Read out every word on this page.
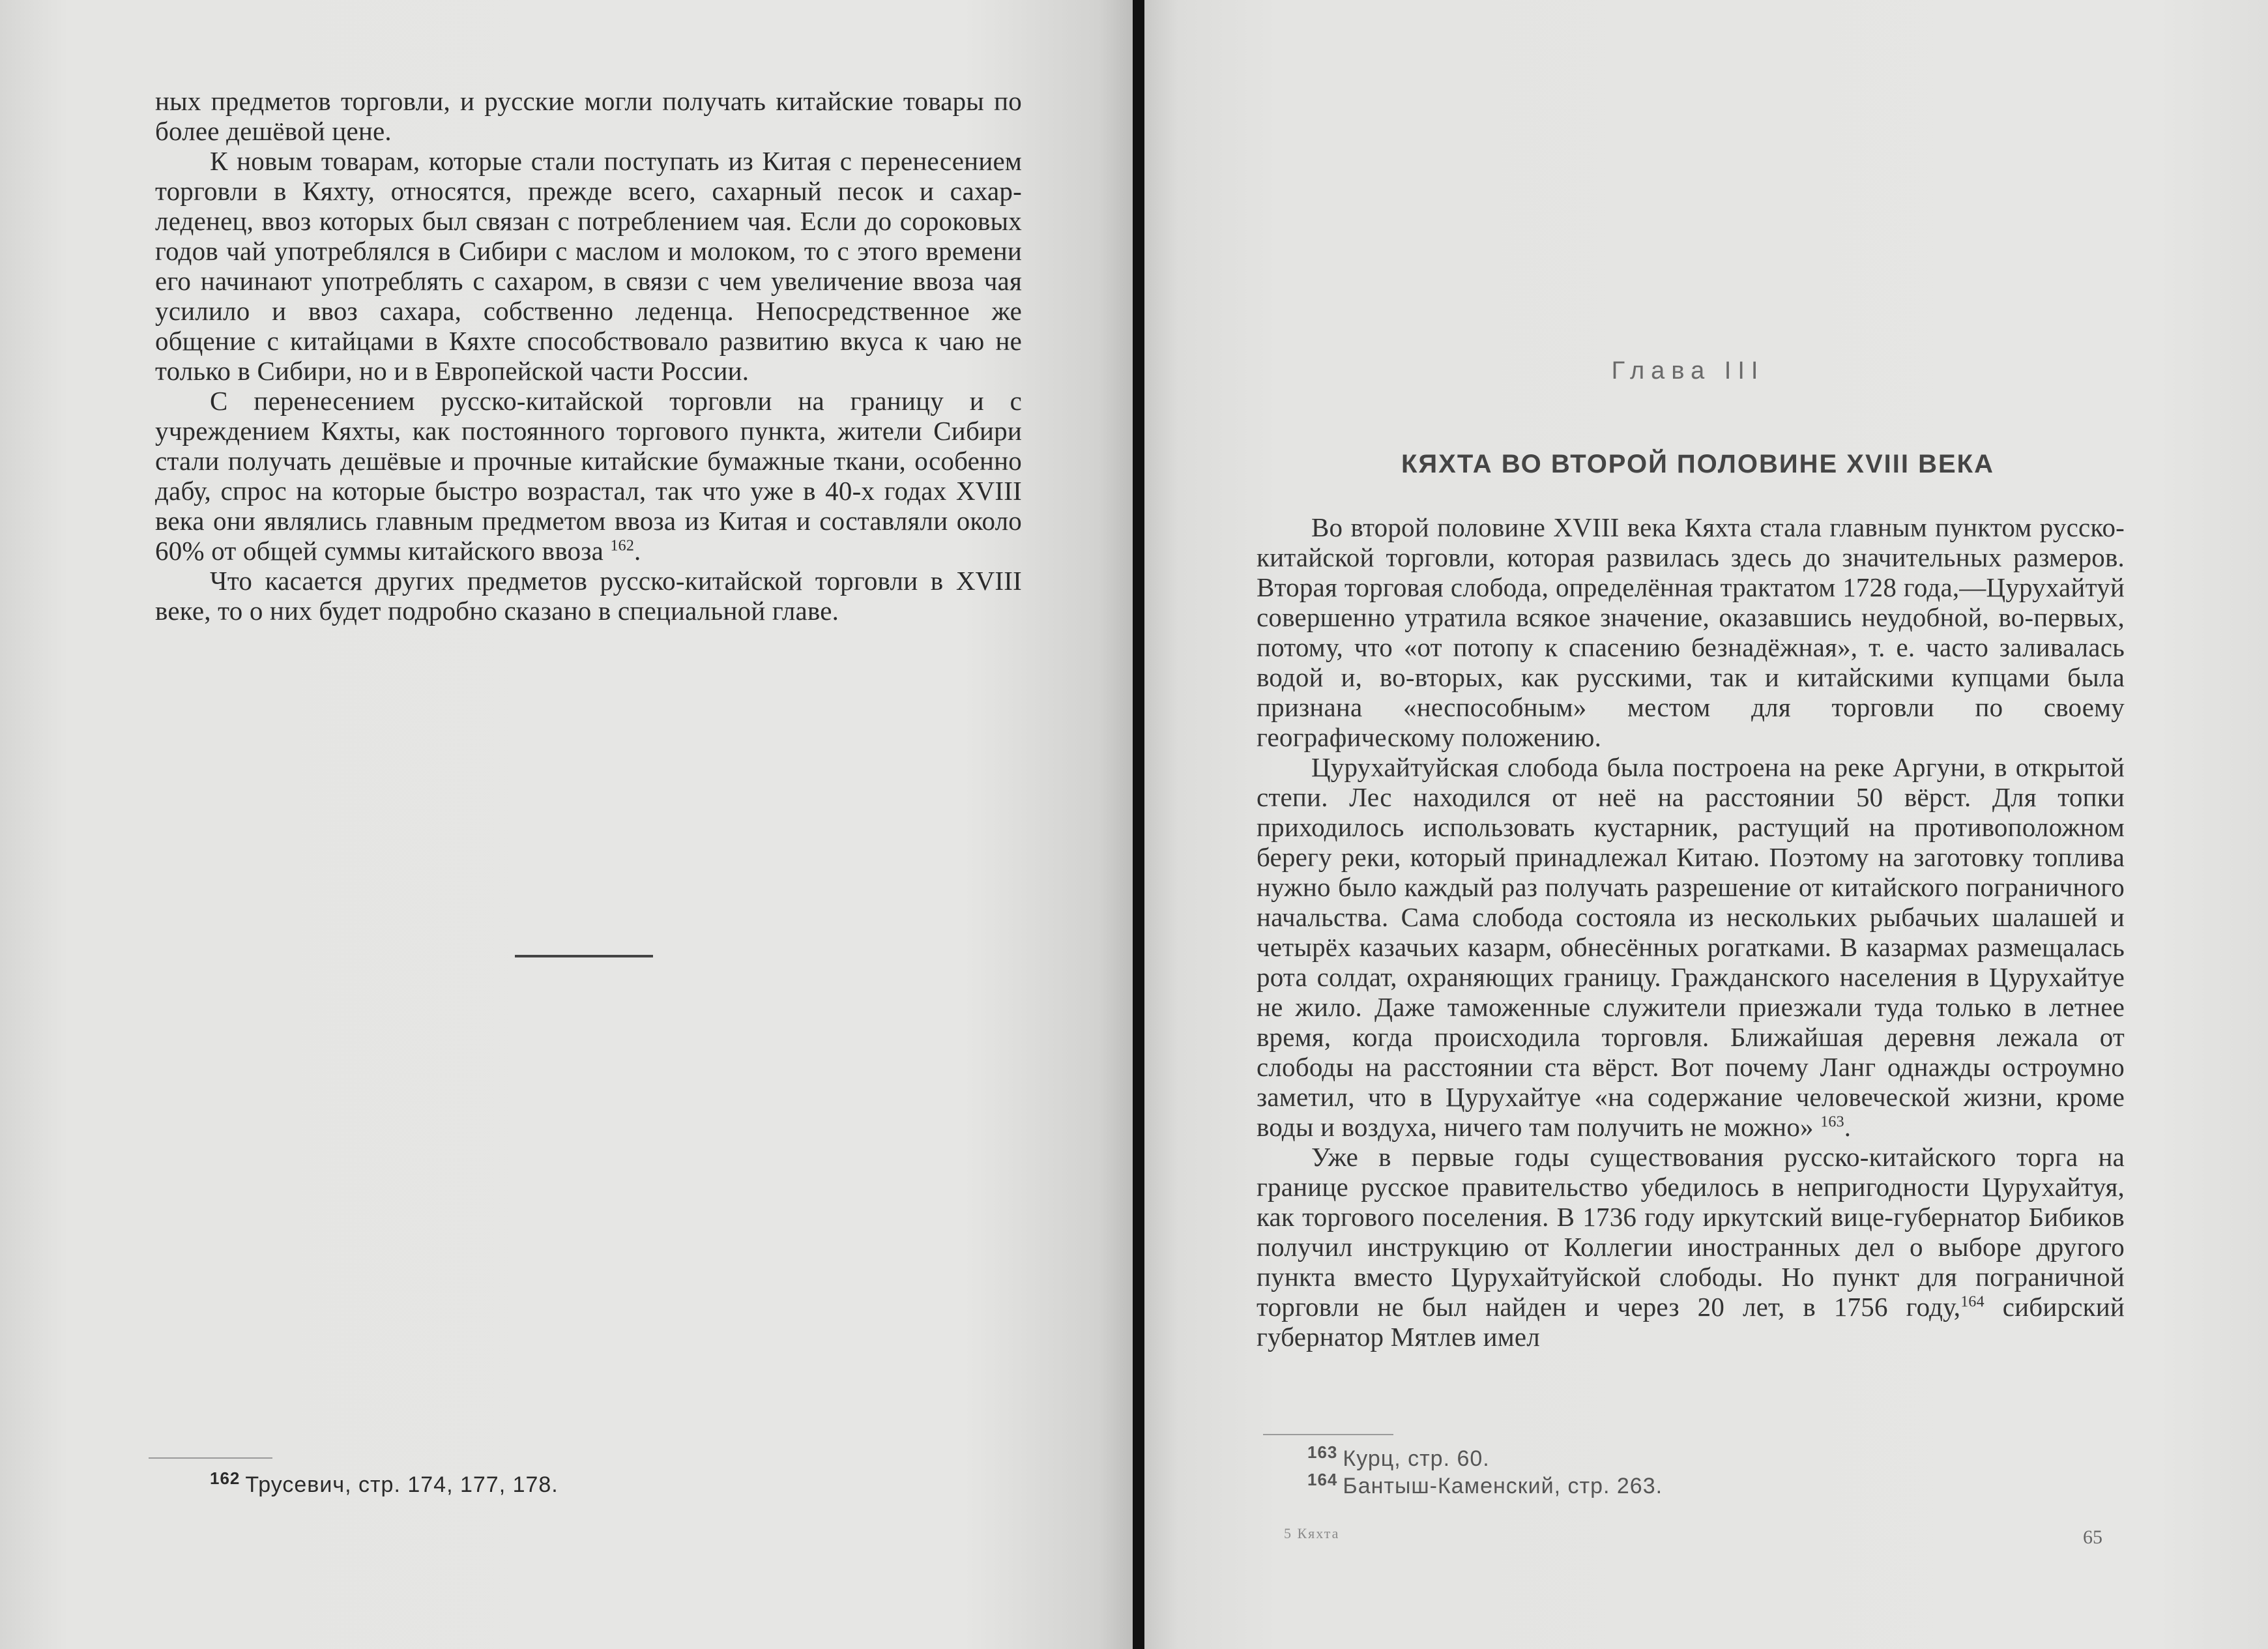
ных предметов торговли, и русские могли получать китайские товары по более дешёвой цене.

К новым товарам, которые стали поступать из Китая с перенесением торговли в Кяхту, относятся, прежде всего, сахарный песок и сахар-леденец, ввоз которых был связан с потреблением чая. Если до сороковых годов чай употреблялся в Сибири с маслом и молоком, то с этого времени его начинают употреблять с сахаром, в связи с чем увеличение ввоза чая усилило и ввоз сахара, собственно леденца. Непосредственное же общение с китайцами в Кяхте способствовало развитию вкуса к чаю не только в Сибири, но и в Европейской части России.

С перенесением русско-китайской торговли на границу и с учреждением Кяхты, как постоянного торгового пункта, жители Сибири стали получать дешёвые и прочные китайские бумажные ткани, особенно дабу, спрос на которые быстро возрастал, так что уже в 40-х годах XVIII века они являлись главным предметом ввоза из Китая и составляли около 60% от общей суммы китайского ввоза $^{162}$.

Что касается других предметов русско-китайской торговли в XVIII веке, то о них будет подробно сказано в специальной главе.

$^{162}$ Трусевич, стр. 174, 177, 178.
Глава III
КЯХТА ВО ВТОРОЙ ПОЛОВИНЕ XVIII ВЕКА

Во второй половине XVIII века Кяхта стала главным пунктом русско-китайской торговли, которая развилась здесь до значительных размеров. Вторая торговая слобода, определённая трактатом 1728 года,—Цурухайтуй совершенно утратила всякое значение, оказавшись неудобной, во-первых, потому, что «от потопу к спасению безнадёжная», т. е. часто заливалась водой и, во-вторых, как русскими, так и китайскими купцами была признана «неспособным» местом для торговли по своему географическому положению.

Цурухайтуйская слобода была построена на реке Аргуни, в открытой степи. Лес находился от неё на расстоянии 50 вёрст. Для топки приходилось использовать кустарник, растущий на противоположном берегу реки, который принадлежал Китаю. Поэтому на заготовку топлива нужно было каждый раз получать разрешение от китайского пограничного начальства. Сама слобода состояла из нескольких рыбачьих шалашей и четырёх казачьих казарм, обнесённых рогатками. В казармах размещалась рота солдат, охраняющих границу. Гражданского населения в Цурухайтуе не жило. Даже таможенные служители приезжали туда только в летнее время, когда происходила торговля. Ближайшая деревня лежала от слободы на расстоянии ста вёрст. Вот почему Ланг однажды остроумно заметил, что в Цурухайтуе «на содержание человеческой жизни, кроме воды и воздуха, ничего там получить не можно» $^{163}$.

Уже в первые годы существования русско-китайского торга на границе русское правительство убедилось в непригодности Цурухайтуя, как торгового поселения. В 1736 году иркутский вице-губернатор Бибиков получил инструкцию от Коллегии иностранных дел о выборе другого пункта вместо Цурухайтуйской слободы. Но пункт для пограничной торговли не был найден и через 20 лет, в 1756 году,$^{164}$ сибирский губернатор Мятлев имел

$^{163}$ Курц, стр. 60.
$^{164}$ Бантыш-Каменский, стр. 263.
5 Кяхта	65
